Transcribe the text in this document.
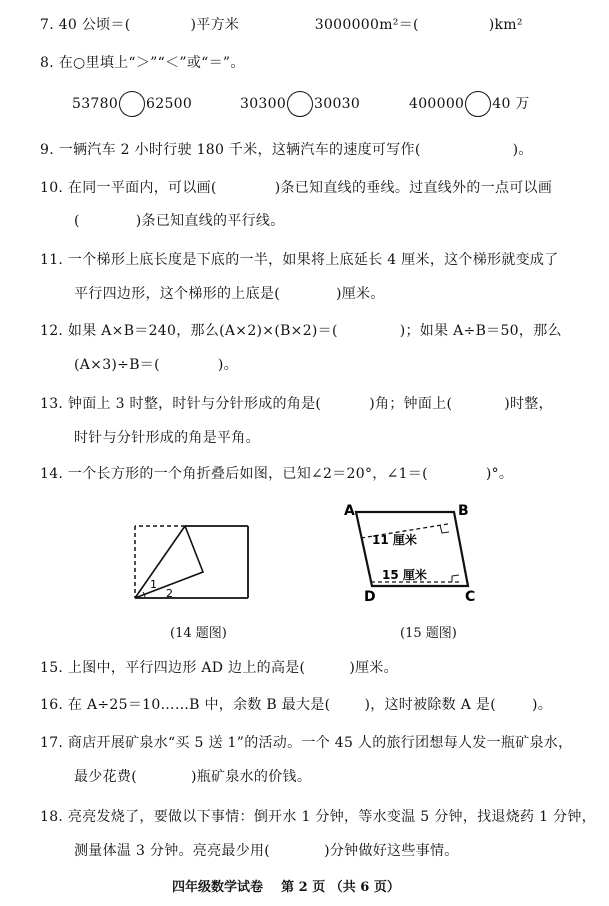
7. 40 公顷＝(	)平方米	3000000m²＝(	)km²
8. 在○里填上“＞”“＜”或“＝”。
53780 62500	30300 30030	400000 40 万
9. 一辆汽车 2 小时行驶 180 千米，这辆汽车的速度可写作(	)。
10. 在同一平面内，可以画(	)条已知直线的垂线。过直线外的一点可以画
(	)条已知直线的平行线。
11. 一个梯形上底长度是下底的一半，如果将上底延长 4 厘米，这个梯形就变成了
平行四边形，这个梯形的上底是(	)厘米。
12. 如果 A×B＝240，那么(A×2)×(B×2)＝(	)；如果 A÷B＝50，那么
(A×3)÷B＝(	)。
13. 钟面上 3 时整，时针与分针形成的角是(	)角；钟面上(	)时整，
时针与分针形成的角是平角。
14. 一个长方形的一个角折叠后如图，已知∠2＝20°，∠1＝(	)°。
1
2
(14 题图)
A	B
C
D
11 厘米
15 厘米
(15 题图)
15. 上图中，平行四边形 AD 边上的高是(	)厘米。
16. 在 A÷25＝10……B 中，余数 B 最大是( )，这时被除数 A 是(	)。
17. 商店开展矿泉水“买 5 送 1”的活动。一个 45 人的旅行团想每人发一瓶矿泉水，
最少花费(	)瓶矿泉水的价钱。
18. 亮亮发烧了，要做以下事情：倒开水 1 分钟，等水变温 5 分钟，找退烧药 1 分钟，
测量体温 3 分钟。亮亮最少用(	)分钟做好这些事情。
四年级数学试卷    第 2 页 （共 6 页）
